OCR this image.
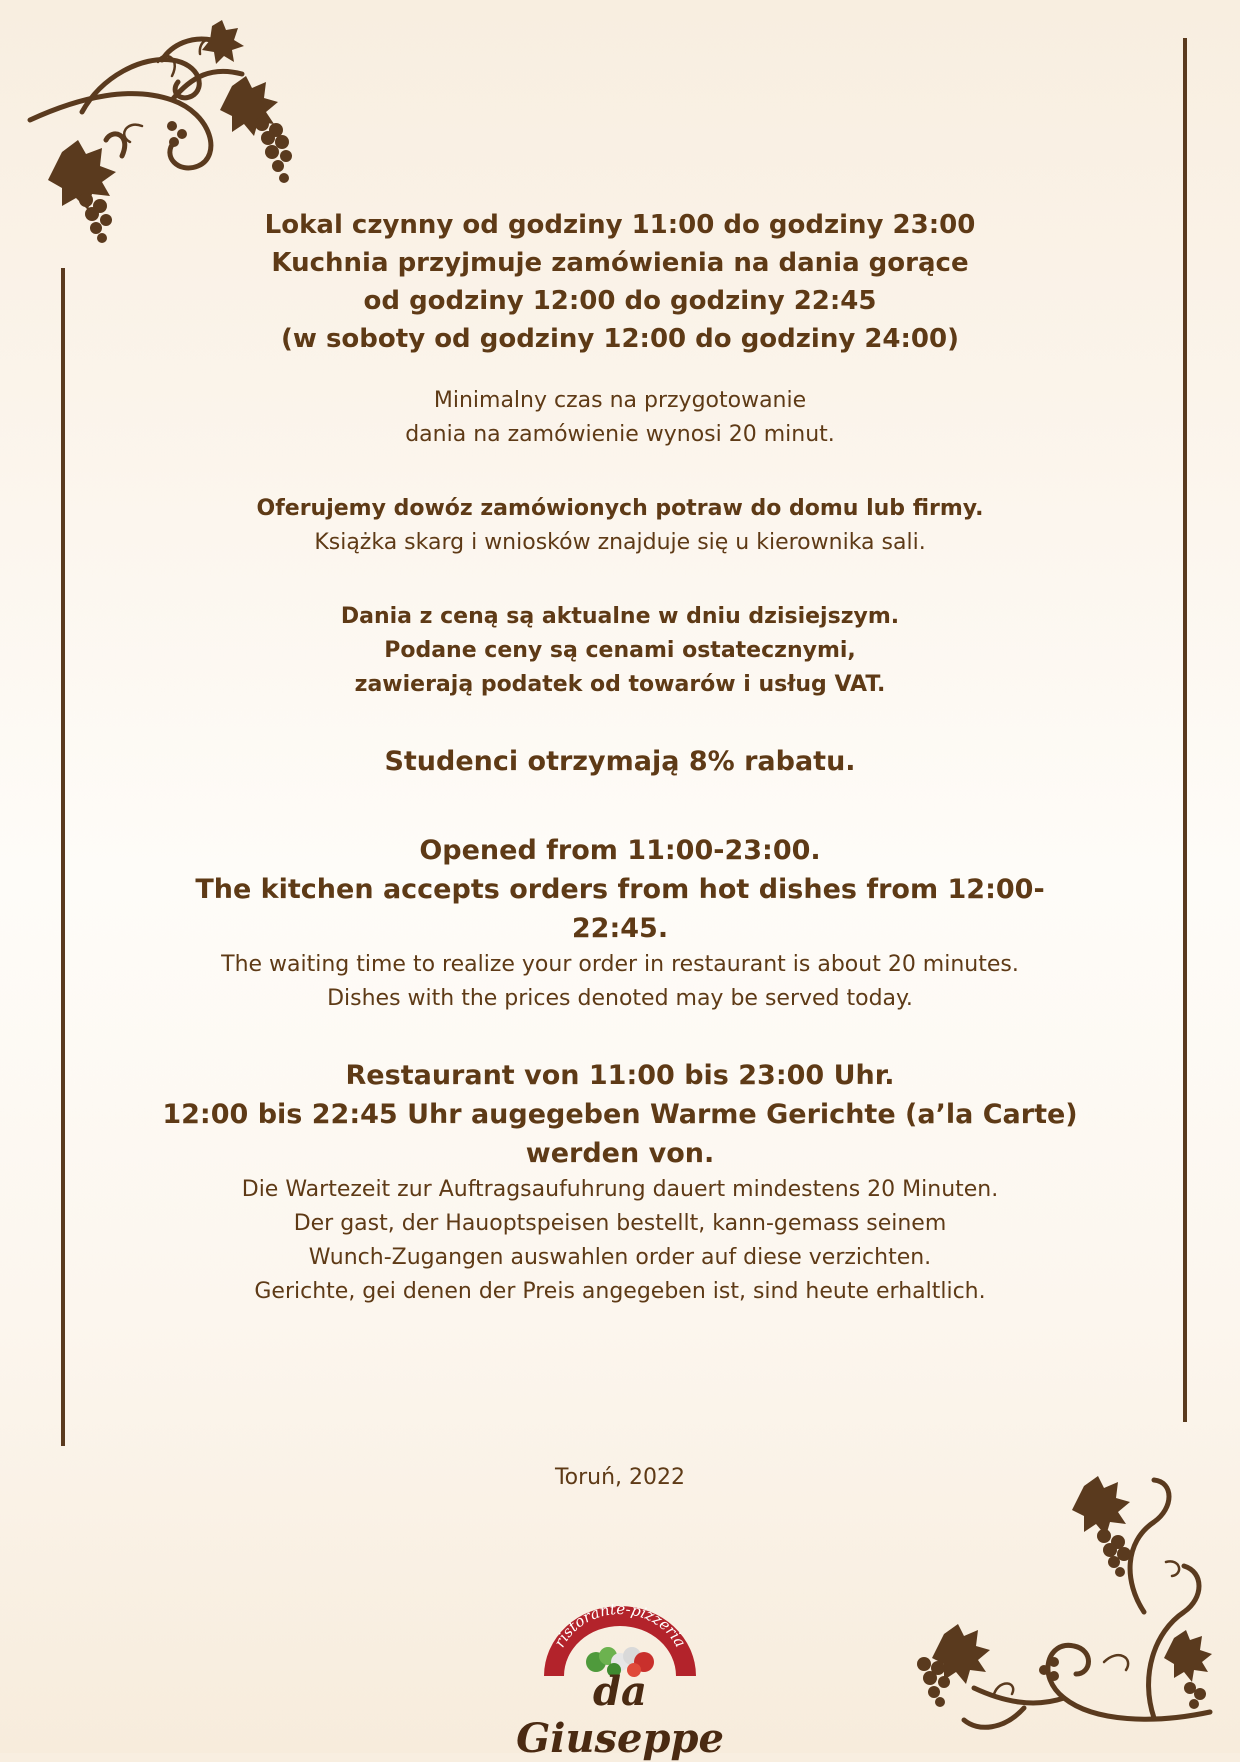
Lokal czynny od godziny 11:00 do godziny 23:00

Kuchnia przyjmuje zamówienia na dania gorące

od godziny 12:00 do godziny 22:45

(w soboty od godziny 12:00 do godziny 24:00)

Minimalny czas na przygotowanie

dania na zamówienie wynosi 20 minut.

Oferujemy dowóz zamówionych potraw do domu lub firmy.

Książka skarg i wniosków znajduje się u kierownika sali.

Dania z ceną są aktualne w dniu dzisiejszym.

Podane ceny są cenami ostatecznymi,

zawierają podatek od towarów i usług VAT.

Studenci otrzymają 8% rabatu.

Opened from 11:00-23:00.

The kitchen accepts orders from hot dishes from 12:00-22:45.

The waiting time to realize your order in restaurant is about 20 minutes.

Dishes with the prices denoted may be served today.

Restaurant von 11:00 bis 23:00 Uhr.

12:00 bis 22:45 Uhr augegeben Warme Gerichte (a’la Carte)

werden von.

Die Wartezeit zur Auftragsaufuhrung dauert mindestens 20 Minuten.

Der gast, der Hauoptspeisen bestellt, kann-gemass seinem

Wunch-Zugangen auswahlen order auf diese verzichten.

Gerichte, gei denen der Preis angegeben ist, sind heute erhaltlich.

Toruń, 2022
ristorante-pizzeria
da Giuseppe
